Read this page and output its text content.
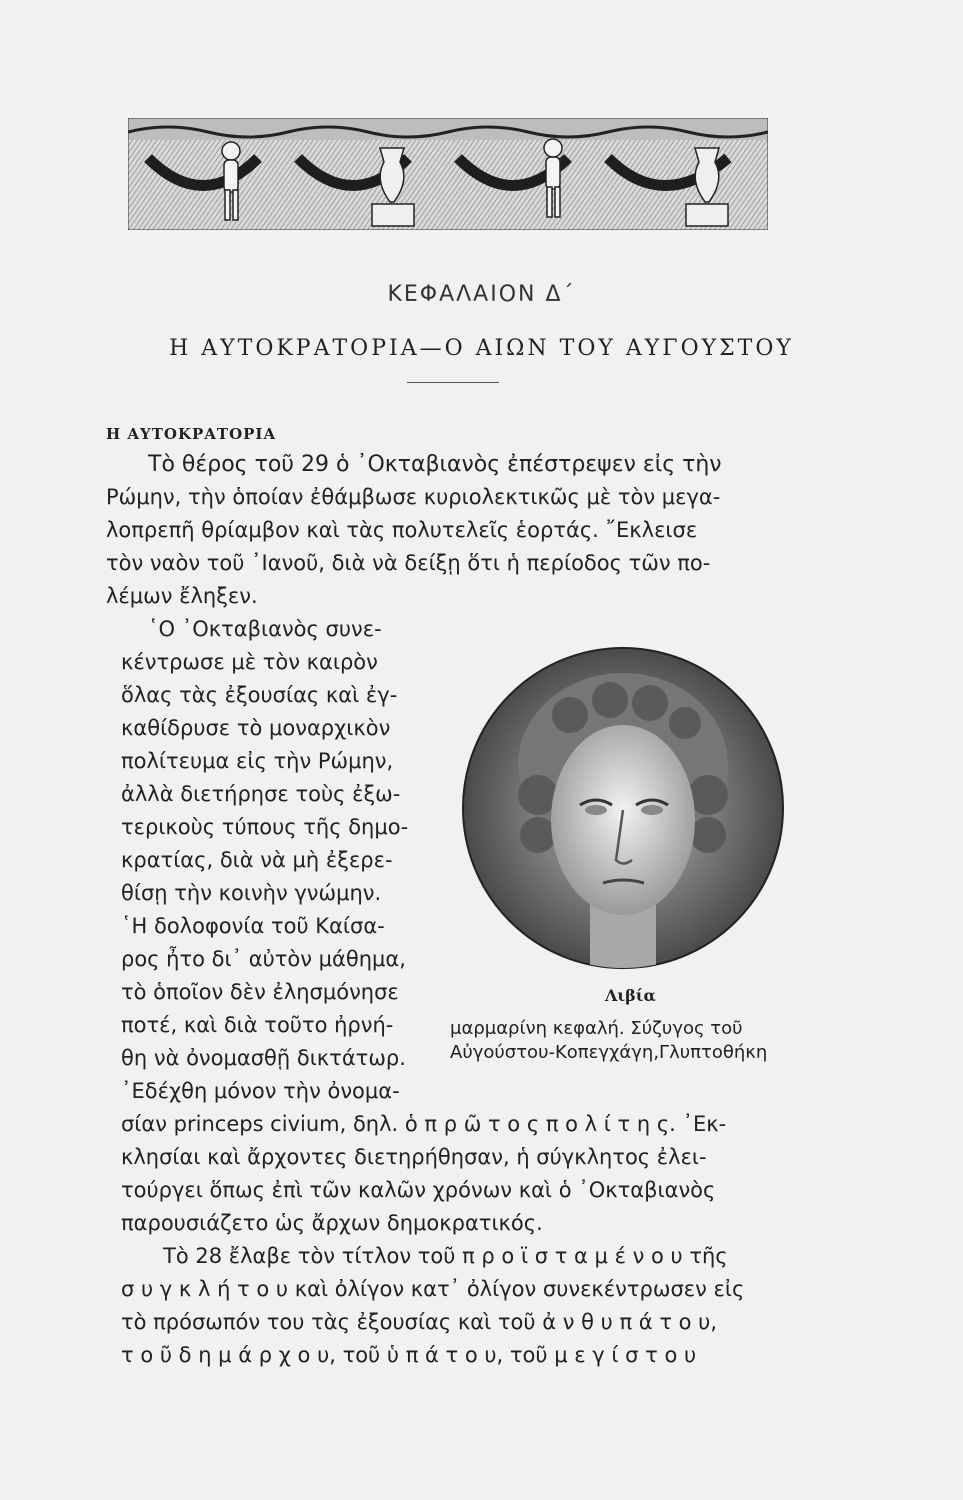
ΚΕΦΑΛΑΙΟΝ Δ΄
Η ΑΥΤΟΚΡΑΤΟΡΙΑ—Ο ΑΙΩΝ ΤΟΥ ΑΥΓΟΥΣΤΟΥ
Η ΑΥΤΟΚΡΑΤΟΡΙΑ
Τὸ θέρος τοῦ 29 ὁ ᾽Οκταβιανὸς ἐπέστρεψεν εἰς τὴν
Ρώμην, τὴν ὁποίαν ἐθάμβωσε κυριολεκτικῶς μὲ τὸν μεγα-
λοπρεπῆ θρίαμβον καὶ τὰς πολυτελεῖς ἑορτάς. ῎Εκλεισε
τὸν ναὸν τοῦ ᾽Ιανοῦ, διὰ νὰ δείξῃ ὅτι ἡ περίοδος τῶν πο-
λέμων ἔληξεν.
῾Ο ᾽Οκταβιανὸς συνε-
κέντρωσε μὲ τὸν καιρὸν
ὅλας τὰς ἐξουσίας καὶ ἐγ-
καθίδρυσε τὸ μοναρχικὸν
πολίτευμα εἰς τὴν Ρώμην,
ἀλλὰ διετήρησε τοὺς ἐξω-
τερικοὺς τύπους τῆς δημο-
κρατίας, διὰ νὰ μὴ ἐξερε-
θίσῃ τὴν κοινὴν γνώμην.
῾Η δολοφονία τοῦ Καίσα-
ρος ἦτο δι᾽ αὐτὸν μάθημα,
τὸ ὁποῖον δὲν ἐλησμόνησε
ποτέ, καὶ διὰ τοῦτο ἠρνή-
θη νὰ ὀνομασθῇ δικτάτωρ.
᾽Εδέχθη μόνον τὴν ὀνομα-
σίαν princeps civium, δηλ. ὁ π ρ ῶ τ ο ς π ο λ ί τ η ς. ᾽Εκ-
κλησίαι καὶ ἄρχοντες διετηρήθησαν, ἡ σύγκλητος ἐλει-
τούργει ὅπως ἐπὶ τῶν καλῶν χρόνων καὶ ὁ ᾽Οκταβιανὸς
παρουσιάζετο ὡς ἄρχων δημοκρατικός.
Τὸ 28 ἔλαβε τὸν τίτλον τοῦ π ρ ο ϊ σ τ α μ έ ν ο υ τῆς
σ υ γ κ λ ή τ ο υ καὶ ὀλίγον κατ᾽ ὀλίγον συνεκέντρωσεν εἰς
τὸ πρόσωπόν του τὰς ἐξουσίας καὶ τοῦ ἀ ν θ υ π ά τ ο υ,
τ ο ῦ δ η μ ά ρ χ ο υ, τοῦ ὑ π ά τ ο υ, τοῦ μ ε γ ί σ τ ο υ
Λιβία
μαρμαρίνη κεφαλή. Σύζυγος τοῦ
Αὐγούστου-Κοπεγχάγη,Γλυπτοθήκη
